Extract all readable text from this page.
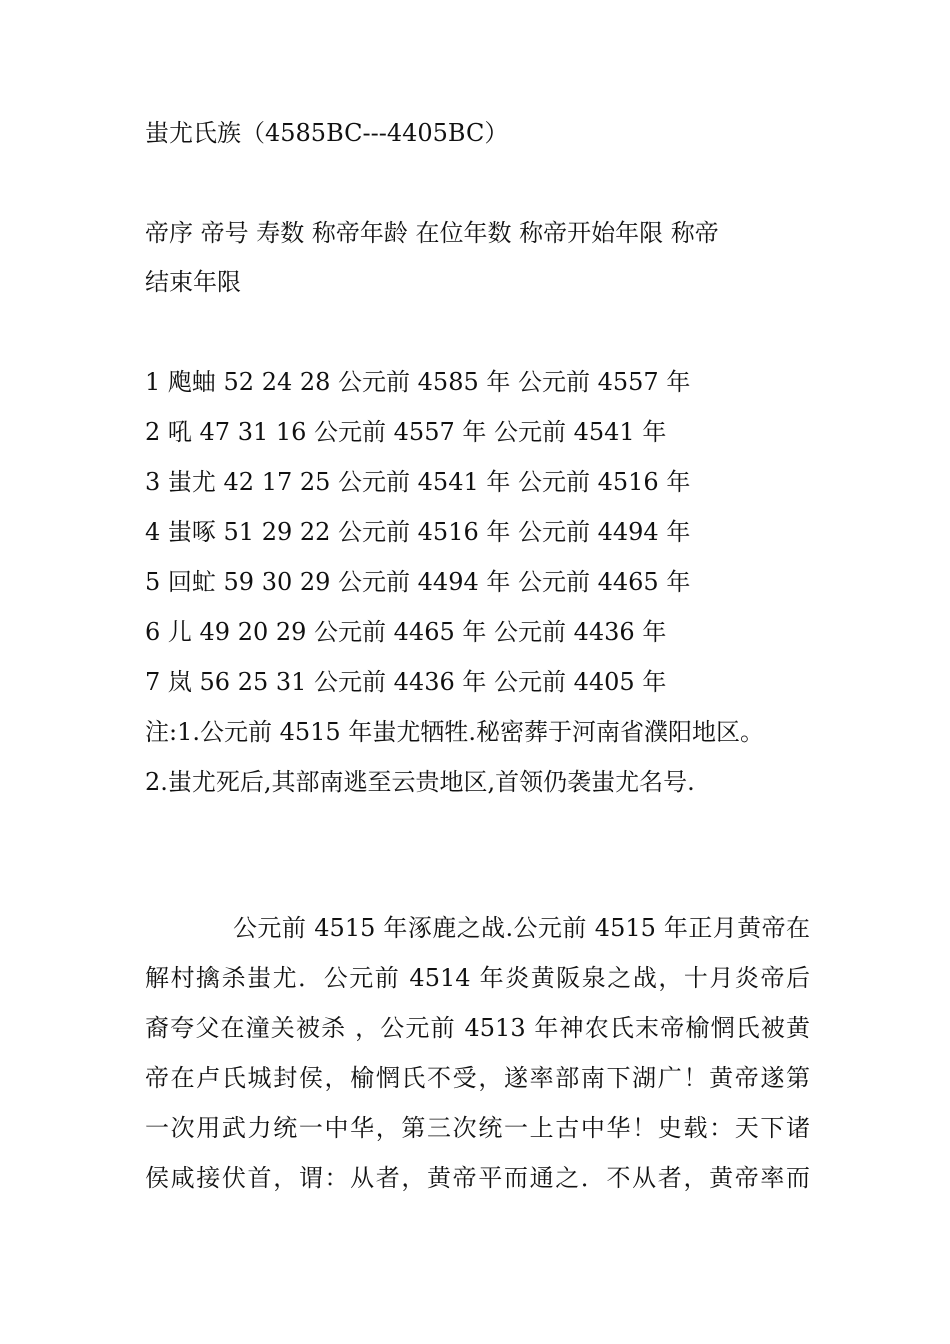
蚩尤氏族（4585BC---4405BC）
帝序 帝号 寿数 称帝年龄 在位年数 称帝开始年限 称帝
结束年限
1 飑蚰 52 24 28 公元前 4585 年 公元前 4557 年
2 吼 47 31 16 公元前 4557 年 公元前 4541 年
3 蚩尤 42 17 25 公元前 4541 年 公元前 4516 年
4 蚩啄 51 29 22 公元前 4516 年 公元前 4494 年
5 回虻 59 30 29 公元前 4494 年 公元前 4465 年
6 儿 49 20 29 公元前 4465 年 公元前 4436 年
7 岚 56 25 31 公元前 4436 年 公元前 4405 年
注:1.公元前 4515 年蚩尤牺牲.秘密葬于河南省濮阳地区。
2.蚩尤死后,其部南逃至云贵地区,首领仍袭蚩尤名号.
公元前 4515 年涿鹿之战.公元前 4515 年正月黄帝在
解村擒杀蚩尤．公元前 4514 年炎黄阪泉之战，十月炎帝后
裔夸父在潼关被杀 ，公元前 4513 年神农氏末帝榆惘氏被黄
帝在卢氏城封侯，榆惘氏不受，遂率部南下湖广！黄帝遂第
一次用武力统一中华，第三次统一上古中华！史载：天下诸
侯咸接伏首，谓：从者，黄帝平而通之．不从者，黄帝率而
